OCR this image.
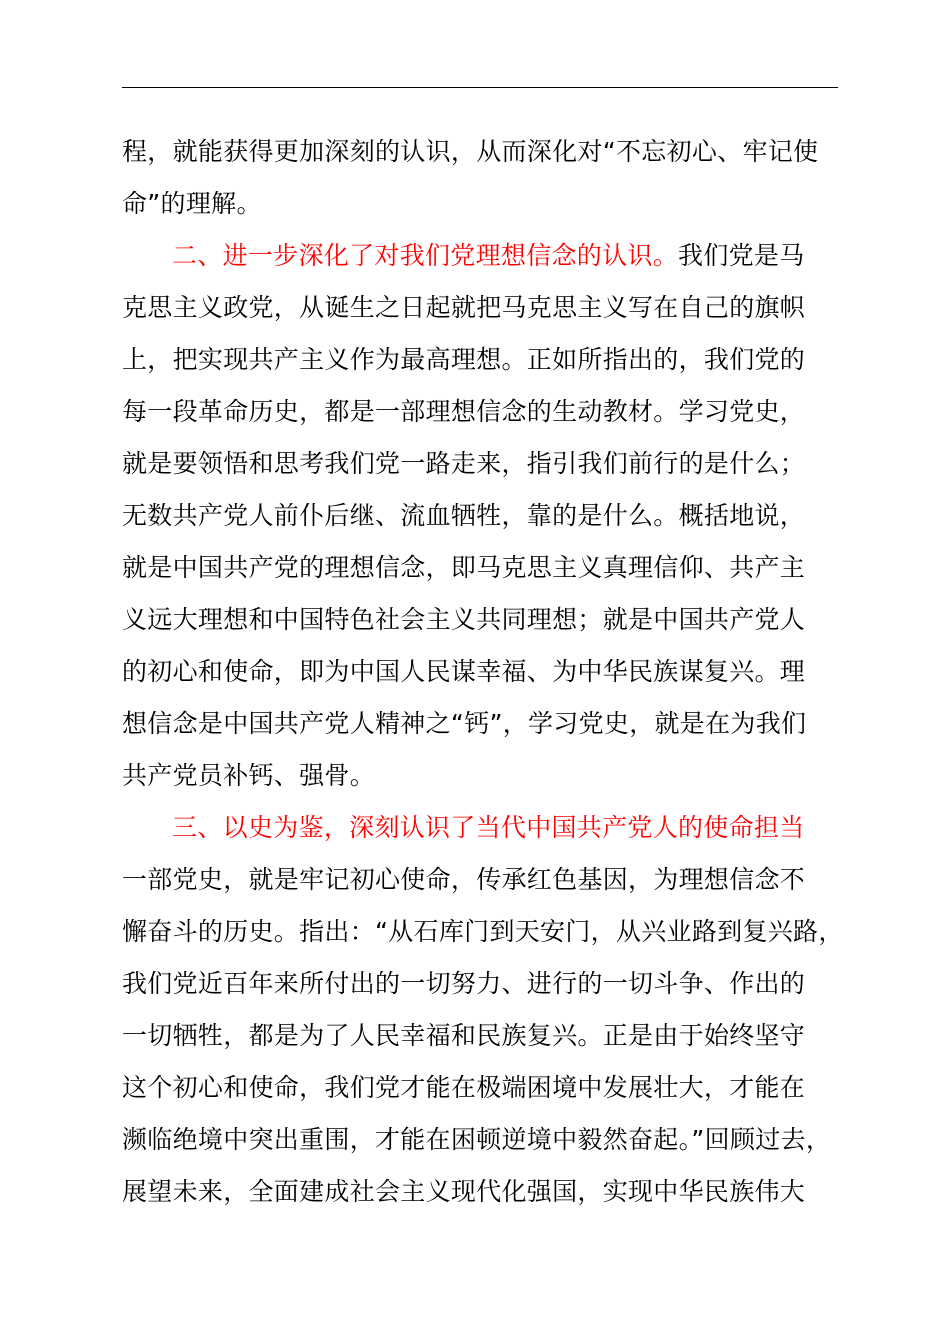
程，就能获得更加深刻的认识，从而深化对“不忘初心、牢记使
命”的理解。
二、进一步深化了对我们党理想信念的认识。我们党是马
克思主义政党，从诞生之日起就把马克思主义写在自己的旗帜
上，把实现共产主义作为最高理想。正如所指出的，我们党的
每一段革命历史，都是一部理想信念的生动教材。学习党史，
就是要领悟和思考我们党一路走来，指引我们前行的是什么；
无数共产党人前仆后继、流血牺牲，靠的是什么。概括地说，
就是中国共产党的理想信念，即马克思主义真理信仰、共产主
义远大理想和中国特色社会主义共同理想；就是中国共产党人
的初心和使命，即为中国人民谋幸福、为中华民族谋复兴。理
想信念是中国共产党人精神之“钙”，学习党史，就是在为我们
共产党员补钙、强骨。
三、以史为鉴，深刻认识了当代中国共产党人的使命担当
一部党史，就是牢记初心使命，传承红色基因，为理想信念不
懈奋斗的历史。指出：“从石库门到天安门，从兴业路到复兴路，
我们党近百年来所付出的一切努力、进行的一切斗争、作出的
一切牺牲，都是为了人民幸福和民族复兴。正是由于始终坚守
这个初心和使命，我们党才能在极端困境中发展壮大，才能在
濒临绝境中突出重围，才能在困顿逆境中毅然奋起。”回顾过去，
展望未来，全面建成社会主义现代化强国，实现中华民族伟大
